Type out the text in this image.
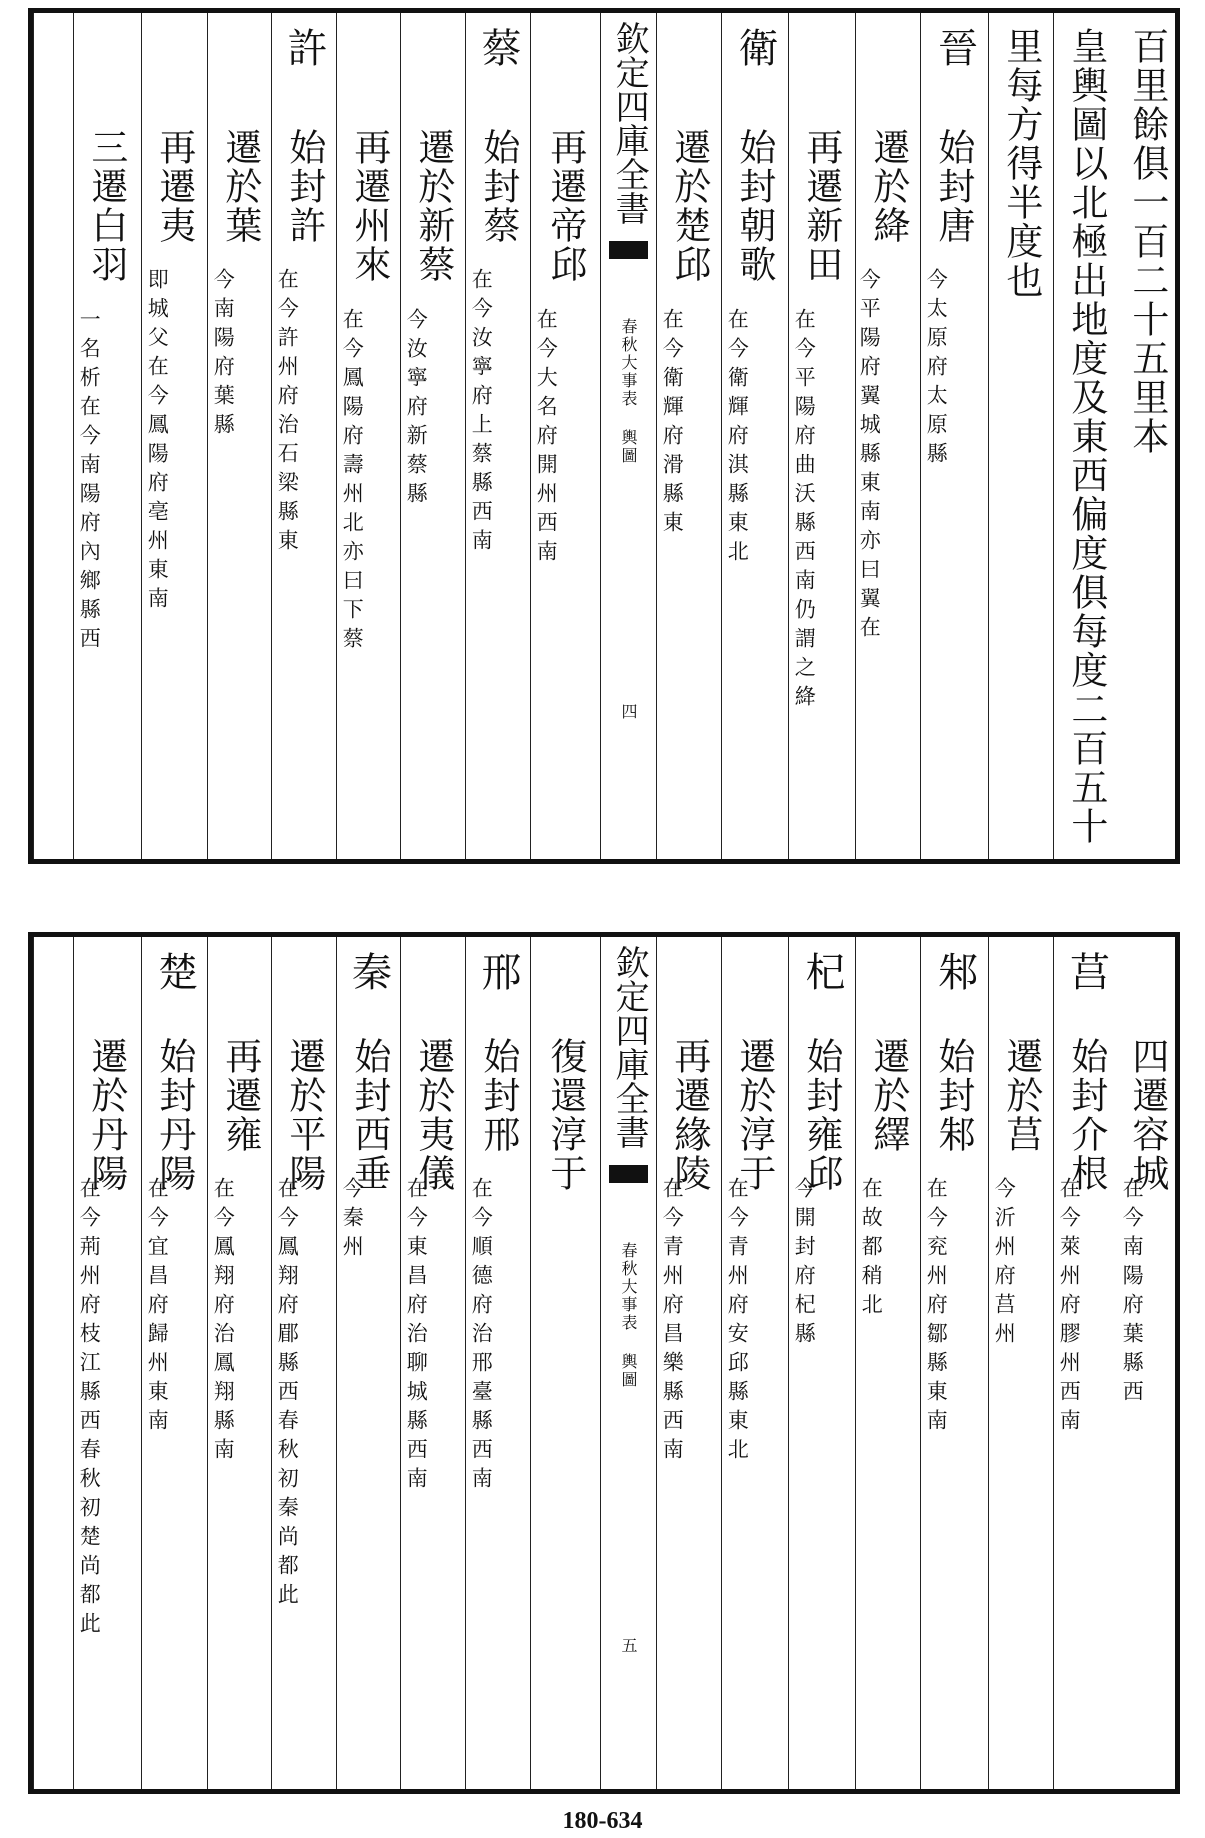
百里餘俱一百二十五里本
皇輿圖以北極出地度及東西偏度俱每度二百五十
里每方得半度也
晉
始封唐
今太原府太原縣
遷於絳
今平陽府翼城縣東南亦曰翼在
再遷新田
在今平陽府曲沃縣西南仍謂之絳
衛
始封朝歌
在今衛輝府淇縣東北
遷於楚邱
在今衛輝府滑縣東
欽定四庫全書
春秋大事表 輿圖
四
再遷帝邱
在今大名府開州西南
蔡
始封蔡
在今汝寧府上蔡縣西南
遷於新蔡
今汝寧府新蔡縣
再遷州來
在今鳳陽府壽州北亦曰下蔡
許
始封許
在今許州府治石梁縣東
遷於葉
今南陽府葉縣
再遷夷
即城父在今鳳陽府亳州東南
三遷白羽
一名析在今南陽府內鄉縣西
四遷容城
在今南陽府葉縣西
莒
始封介根
在今萊州府膠州西南
遷於莒
今沂州府莒州
邾
始封邾
在今兖州府鄒縣東南
遷於繹
在故都稍北
杞
始封雍邱
今開封府杞縣
遷於淳于
在今青州府安邱縣東北
再遷緣陵
在今青州府昌樂縣西南
欽定四庫全書
春秋大事表 輿圖
五
復還淳于
邢
始封邢
在今順德府治邢臺縣西南
遷於夷儀
在今東昌府治聊城縣西南
秦
始封西垂
今秦州
遷於平陽
在今鳳翔府郿縣西春秋初秦尚都此
再遷雍
在今鳳翔府治鳳翔縣南
楚
始封丹陽
在今宜昌府歸州東南
遷於丹陽
在今荊州府枝江縣西春秋初楚尚都此
180-634
